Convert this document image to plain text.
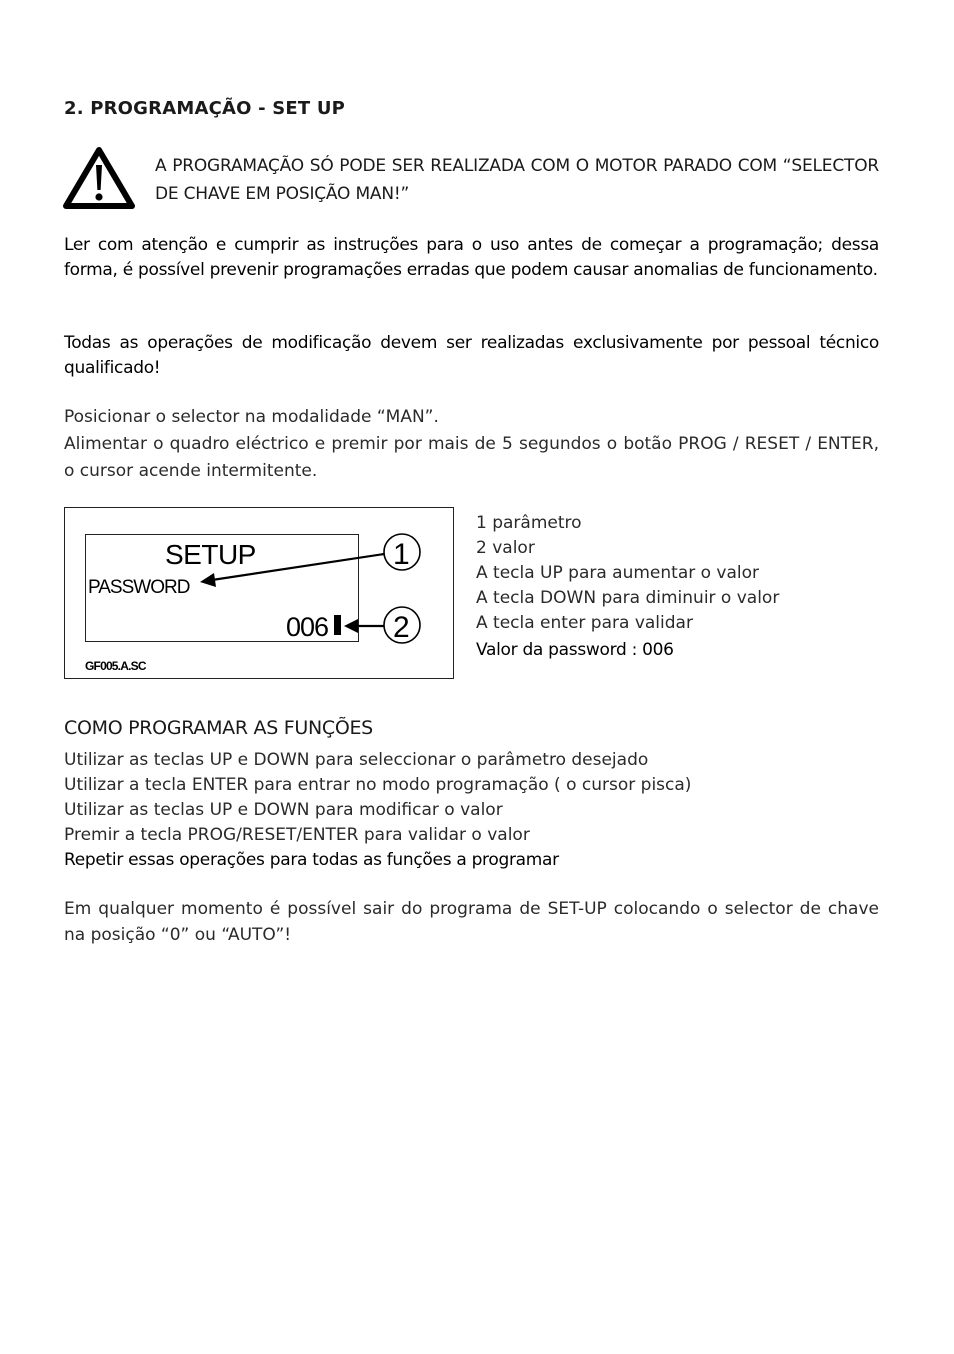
2. PROGRAMAÇÃO - SET UP
A PROGRAMAÇÃO SÓ PODE SER REALIZADA COM O MOTOR PARADO COM “SELECTOR DE CHAVE EM POSIÇÃO MAN!”
Ler com atenção e cumprir as instruções para o uso antes de começar a programação; dessa forma, é possível prevenir programações erradas que podem causar anomalias de funcionamento.
Todas as operações de modificação devem ser realizadas exclusivamente por pessoal técnico qualificado!
Posicionar o selector na modalidade “MAN”.
Alimentar o quadro eléctrico e premir por mais de 5 segundos o botão PROG / RESET / ENTER, o cursor acende intermitente.
SETUP
PASSWORD
006
1
2
GF005.A.SC
1 parâmetro
2 valor
A tecla UP para aumentar o valor
A tecla DOWN para diminuir o valor
A tecla enter para validar
Valor da password : 006
COMO PROGRAMAR AS FUNÇÕES
Utilizar as teclas UP e DOWN para seleccionar o parâmetro desejado
Utilizar a tecla ENTER para entrar no modo programação ( o cursor pisca)
Utilizar as teclas UP e DOWN para modificar o valor
Premir a tecla PROG/RESET/ENTER para validar o valor
Repetir essas operações para todas as funções a programar
Em qualquer momento é possível sair do programa de SET-UP colocando o selector de chave na posição “0” ou “AUTO”!
